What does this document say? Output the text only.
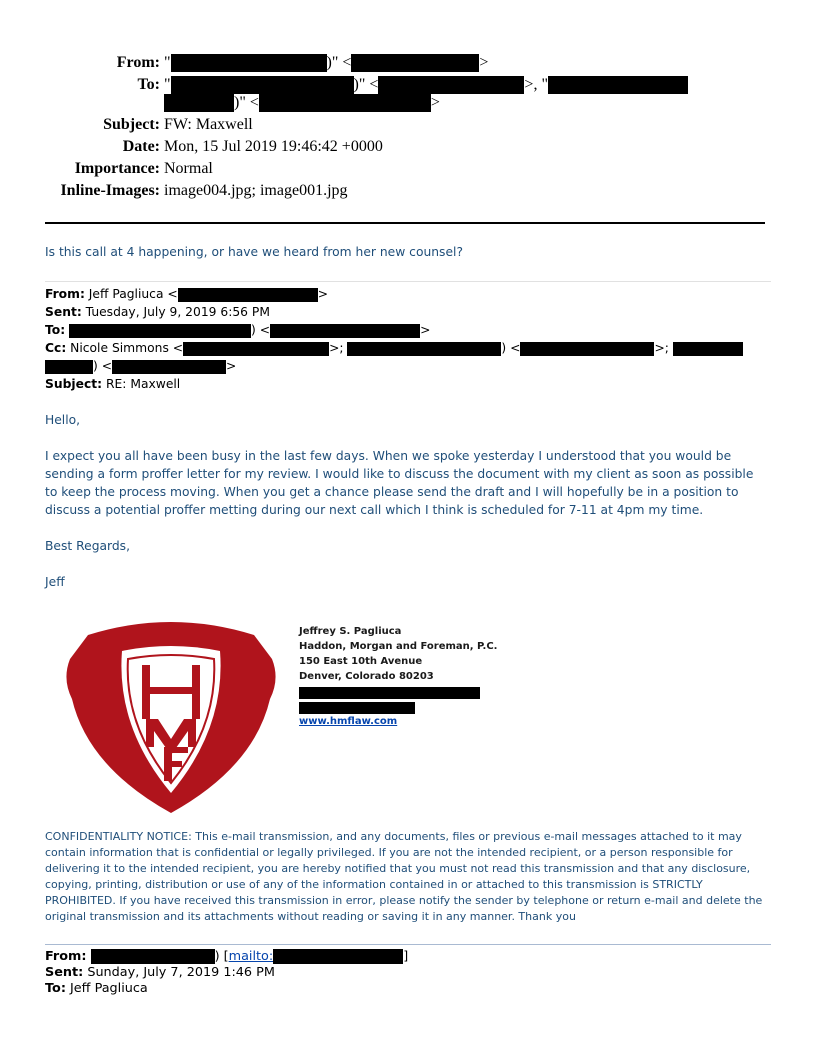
From: "	)" <	>
To: "	)" <	>, "
)" <	>
Subject: FW: Maxwell
Date: Mon, 15 Jul 2019 19:46:42 +0000
Importance: Normal
Inline-Images: image004.jpg; image001.jpg
Is this call at 4 happening, or have we heard from her new counsel?
From: Jeff Pagliuca <	>
Sent: Tuesday, July 9, 2019 6:56 PM
To:	) <	>
Cc: Nicole Simmons <	>;	) <	>;
) <	>
Subject: RE: Maxwell
Hello,
I expect you all have been busy in the last few days. When we spoke yesterday I understood that you would be sending a form proffer letter for my review. I would like to discuss the document with my client as soon as possible to keep the process moving. When you get a chance please send the draft and I will hopefully be in a position to discuss a potential proffer metting during our next call which I think is scheduled for 7-11 at 4pm my time.
Best Regards,
Jeff
Jeffrey S. Pagliuca
Haddon, Morgan and Foreman, P.C.
150 East 10th Avenue
Denver, Colorado 80203
www.hmflaw.com
CONFIDENTIALITY NOTICE: This e-mail transmission, and any documents, files or previous e-mail messages attached to it may contain information that is confidential or legally privileged. If you are not the intended recipient, or a person responsible for delivering it to the intended recipient, you are hereby notified that you must not read this transmission and that any disclosure, copying, printing, distribution or use of any of the information contained in or attached to this transmission is STRICTLY PROHIBITED. If you have received this transmission in error, please notify the sender by telephone or return e-mail and delete the original transmission and its attachments without reading or saving it in any manner. Thank you
From:	) [mailto:	]
Sent: Sunday, July 7, 2019 1:46 PM
To: Jeff Pagliuca
